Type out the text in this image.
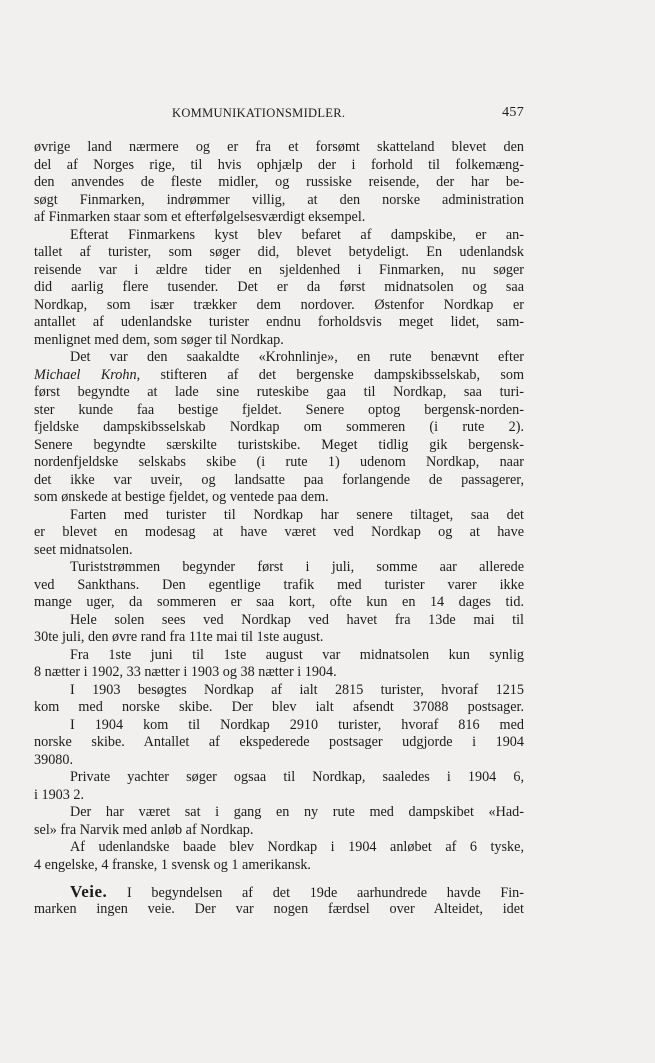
KOMMUNIKATIONSMIDLER.	457
øvrige land nærmere og er fra et forsømt skatteland blevet den
del af Norges rige, til hvis ophjælp der i forhold til folkemæng-
den anvendes de fleste midler, og russiske reisende, der har be-
søgt Finmarken, indrømmer villig, at den norske administration
af Finmarken staar som et efterfølgelsesværdigt eksempel.
Efterat Finmarkens kyst blev befaret af dampskibe, er an-
tallet af turister, som søger did, blevet betydeligt. En udenlandsk
reisende var i ældre tider en sjeldenhed i Finmarken, nu søger
did aarlig flere tusender. Det er da først midnatsolen og saa
Nordkap, som især trækker dem nordover. Østenfor Nordkap er
antallet af udenlandske turister endnu forholdsvis meget lidet, sam-
menlignet med dem, som søger til Nordkap.
Det var den saakaldte «Krohnlinje», en rute benævnt efter
Michael Krohn, stifteren af det bergenske dampskibsselskab, som
først begyndte at lade sine ruteskibe gaa til Nordkap, saa turi-
ster kunde faa bestige fjeldet. Senere optog bergensk-norden-
fjeldske dampskibsselskab Nordkap om sommeren (i rute 2).
Senere begyndte særskilte turistskibe. Meget tidlig gik bergensk-
nordenfjeldske selskabs skibe (i rute 1) udenom Nordkap, naar
det ikke var uveir, og landsatte paa forlangende de passagerer,
som ønskede at bestige fjeldet, og ventede paa dem.
Farten med turister til Nordkap har senere tiltaget, saa det
er blevet en modesag at have været ved Nordkap og at have
seet midnatsolen.
Turiststrømmen begynder først i juli, somme aar allerede
ved Sankthans. Den egentlige trafik med turister varer ikke
mange uger, da sommeren er saa kort, ofte kun en 14 dages tid.
Hele solen sees ved Nordkap ved havet fra 13de mai til
30te juli, den øvre rand fra 11te mai til 1ste august.
Fra 1ste juni til 1ste august var midnatsolen kun synlig
8 nætter i 1902, 33 nætter i 1903 og 38 nætter i 1904.
I 1903 besøgtes Nordkap af ialt 2815 turister, hvoraf 1215
kom med norske skibe. Der blev ialt afsendt 37088 postsager.
I 1904 kom til Nordkap 2910 turister, hvoraf 816 med
norske skibe. Antallet af ekspederede postsager udgjorde i 1904
39080.
Private yachter søger ogsaa til Nordkap, saaledes i 1904 6,
i 1903 2.
Der har været sat i gang en ny rute med dampskibet «Had-
sel» fra Narvik med anløb af Nordkap.
Af udenlandske baade blev Nordkap i 1904 anløbet af 6 tyske,
4 engelske, 4 franske, 1 svensk og 1 amerikansk.
Veie. I begyndelsen af det 19de aarhundrede havde Fin-
marken ingen veie. Der var nogen færdsel over Alteidet, idet
